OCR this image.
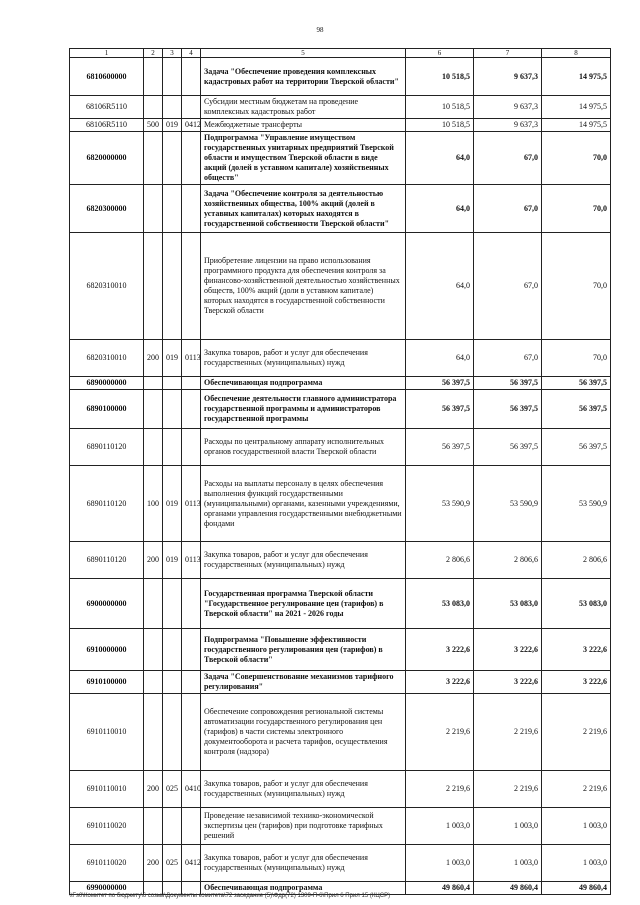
98
1	2	3	4	5	6	7	8
6810600000				Задача "Обеспечение проведения комплексных кадастровых работ на территории Тверской области"	10 518,5	9 637,3	14 975,5
68106R5110				Субсидии местным бюджетам на проведение комплексных кадастровых работ	10 518,5	9 637,3	14 975,5
68106R5110	500	019	0412	Межбюджетные трансферты	10 518,5	9 637,3	14 975,5
6820000000				Подпрограмма "Управление имуществом государственных унитарных предприятий Тверской области и имуществом Тверской области в виде акций (долей в уставном капитале) хозяйственных обществ"	64,0	67,0	70,0
6820300000				Задача "Обеспечение контроля за деятельностью хозяйственных общества, 100% акций (долей в уставных капиталах) которых находятся в государственной собственности Тверской области"	64,0	67,0	70,0
6820310010				Приобретение лицензии на право использования программного продукта для обеспечения контроля за финансово-хозяйственной деятельностью хозяйственных обществ, 100% акций (доли в уставном капитале) которых находятся в государственной собственности Тверской области	64,0	67,0	70,0
6820310010	200	019	0113	Закупка товаров, работ и услуг для обеспечения государственных (муниципальных) нужд	64,0	67,0	70,0
6890000000				Обеспечивающая подпрограмма	56 397,5	56 397,5	56 397,5
6890100000				Обеспечение деятельности главного администратора государственной программы и администраторов государственной программы	56 397,5	56 397,5	56 397,5
6890110120				Расходы по центральному аппарату исполнительных органов государственной власти Тверской области	56 397,5	56 397,5	56 397,5
6890110120	100	019	0113	Расходы на выплаты персоналу в целях обеспечения выполнения функций государственными (муниципальными) органами, казенными учреждениями, органами управления государственными внебюджетными фондами	53 590,9	53 590,9	53 590,9
6890110120	200	019	0113	Закупка товаров, работ и услуг для обеспечения государственных (муниципальных) нужд	2 806,6	2 806,6	2 806,6
6900000000				Государственная программа Тверской области "Государственное регулирование цен (тарифов) в Тверской области" на 2021 - 2026 годы	53 083,0	53 083,0	53 083,0
6910000000				Подпрограмма "Повышение эффективности государственного регулирования цен (тарифов) в Тверской области"	3 222,6	3 222,6	3 222,6
6910100000				Задача "Совершенствование механизмов тарифного регулирования"	3 222,6	3 222,6	3 222,6
6910110010				Обеспечение сопровождения региональной системы автоматизации государственного регулирования цен (тарифов) в части системы электронного документооборота и расчета тарифов, осуществления контроля (надзора)	2 219,6	2 219,6	2 219,6
6910110010	200	025	0410	Закупка товаров, работ и услуг для обеспечения государственных (муниципальных) нужд	2 219,6	2 219,6	2 219,6
6910110020				Проведение независимой технико-экономической экспертизы цен (тарифов) при подготовке тарифных решений	1 003,0	1 003,0	1 003,0
6910110020	200	025	0412	Закупка товаров, работ и услуг для обеспечения государственных (муниципальных) нужд	1 003,0	1 003,0	1 003,0
6990000000				Обеспечивающая подпрограмма	49 860,4	49 860,4	49 860,4
\\Fs0\Комитет по бюджету\6 созыв\Документы комитета\72 заседание (5)\Фдр(72) 1309-П-6\Прил 6 Прил 15 (КЦСР)
